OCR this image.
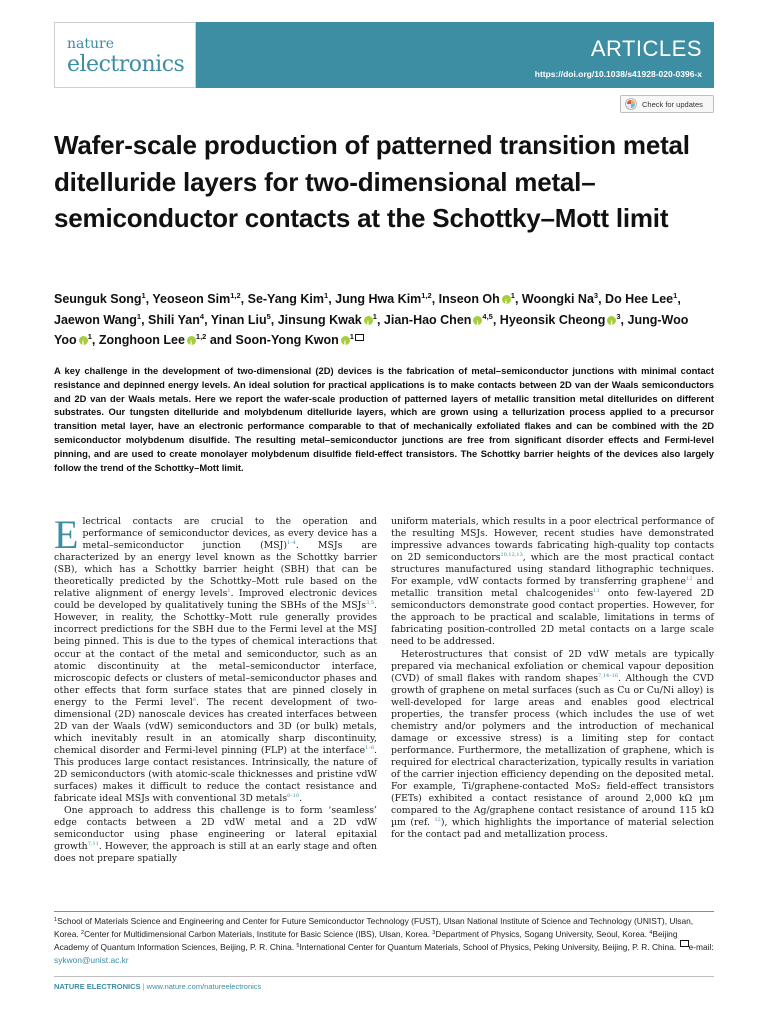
nature
electronics
ARTICLES
https://doi.org/10.1038/s41928-020-0396-x
Check for updates
Wafer-scale production of patterned transition metal ditelluride layers for two-dimensional metal–semiconductor contacts at the Schottky–Mott limit
Seunguk Song$^1$, Yeoseon Sim$^{1,2}$, Se-Yang Kim$^1$, Jung Hwa Kim$^{1,2}$, Inseon Oh i $^1$, Woongki Na$^3$, Do Hee Lee$^1$, Jaewon Wang$^1$, Shili Yan$^4$, Yinan Liu$^5$, Jinsung Kwak i $^1$, Jian-Hao Chen i $^{4,5}$, Hyeonsik Cheong i $^3$, Jung-Woo Yoo i $^1$, Zonghoon Lee i $^{1,2}$ and Soon-Yong Kwon i $^1$
A key challenge in the development of two-dimensional (2D) devices is the fabrication of metal–semiconductor junctions with minimal contact resistance and depinned energy levels. An ideal solution for practical applications is to make contacts between 2D van der Waals semiconductors and 2D van der Waals metals. Here we report the wafer-scale production of patterned layers of metallic transition metal ditellurides on different substrates. Our tungsten ditelluride and molybdenum ditelluride layers, which are grown using a tellurization process applied to a precursor transition metal layer, have an electronic performance comparable to that of mechanically exfoliated flakes and can be combined with the 2D semiconductor molybdenum disulfide. The resulting metal–semiconductor junctions are free from significant disorder effects and Fermi-level pinning, and are used to create monolayer molybdenum disulfide field-effect transistors. The Schottky barrier heights of the devices also largely follow the trend of the Schottky–Mott limit.

Electrical contacts are crucial to the operation and performance of semiconductor devices, as every device has a metal–semiconductor junction (MSJ)$^{1-4}$. MSJs are characterized by an energy level known as the Schottky barrier (SB), which has a Schottky barrier height (SBH) that can be theoretically predicted by the Schottky–Mott rule based on the relative alignment of energy levels$^1$. Improved electronic devices could be developed by qualitatively tuning the SBHs of the MSJs$^{3,5}$. However, in reality, the Schottky–Mott rule generally provides incorrect predictions for the SBH due to the Fermi level at the MSJ being pinned. This is due to the types of chemical interactions that occur at the contact of the metal and semiconductor, such as an atomic discontinuity at the metal–semiconductor interface, microscopic defects or clusters of metal–semiconductor phases and other effects that form surface states that are pinned closely in energy to the Fermi level$^6$. The recent development of two-dimensional (2D) nanoscale devices has created interfaces between 2D van der Waals (vdW) semiconductors and 3D (or bulk) metals, which inevitably result in an atomically sharp discontinuity, chemical disorder and Fermi-level pinning (FLP) at the interface$^{1-6}$. This produces large contact resistances. Intrinsically, the nature of 2D semiconductors (with atomic-scale thicknesses and pristine vdW surfaces) makes it difficult to reduce the contact resistance and fabricate ideal MSJs with conventional 3D metals$^{6-10}$.

One approach to address this challenge is to form ‘seamless’ edge contacts between a 2D vdW metal and a 2D vdW semiconductor using phase engineering or lateral epitaxial growth$^{7,11}$. However, the approach is still at an early stage and often does not prepare spatially

uniform materials, which results in a poor electrical performance of the resulting MSJs. However, recent studies have demonstrated impressive advances towards fabricating high-quality top contacts on 2D semiconductors$^{10,12,13}$, which are the most practical contact structures manufactured using standard lithographic techniques. For example, vdW contacts formed by transferring graphene$^{12}$ and metallic transition metal chalcogenides$^{13}$ onto few-layered 2D semiconductors demonstrate good contact properties. However, for the approach to be practical and scalable, limitations in terms of fabricating position-controlled 2D metal contacts on a large scale need to be addressed.

Heterostructures that consist of 2D vdW metals are typically prepared via mechanical exfoliation or chemical vapour deposition (CVD) of small flakes with random shapes$^{7,14-16}$. Although the CVD growth of graphene on metal surfaces (such as Cu or Cu/Ni alloy) is well-developed for large areas and enables good electrical properties, the transfer process (which includes the use of wet chemistry and/or polymers and the introduction of mechanical damage or excessive stress) is a limiting step for contact performance. Furthermore, the metallization of graphene, which is required for electrical characterization, typically results in variation of the carrier injection efficiency depending on the deposited metal. For example, Ti/graphene-contacted MoS₂ field-effect transistors (FETs) exhibited a contact resistance of around 2,000 kΩ µm compared to the Ag/graphene contact resistance of around 115 kΩ µm (ref. $^{12}$), which highlights the importance of material selection for the contact pad and metallization process.

$^1$School of Materials Science and Engineering and Center for Future Semiconductor Technology (FUST), Ulsan National Institute of Science and Technology (UNIST), Ulsan, Korea. $^2$Center for Multidimensional Carbon Materials, Institute for Basic Science (IBS), Ulsan, Korea. $^3$Department of Physics, Sogang University, Seoul, Korea. $^4$Beijing Academy of Quantum Information Sciences, Beijing, P. R. China. $^5$International Center for Quantum Materials, School of Physics, Peking University, Beijing, P. R. China. e-mail: sykwon@unist.ac.kr
NATURE ELECTRONICS | www.nature.com/natureelectronics
